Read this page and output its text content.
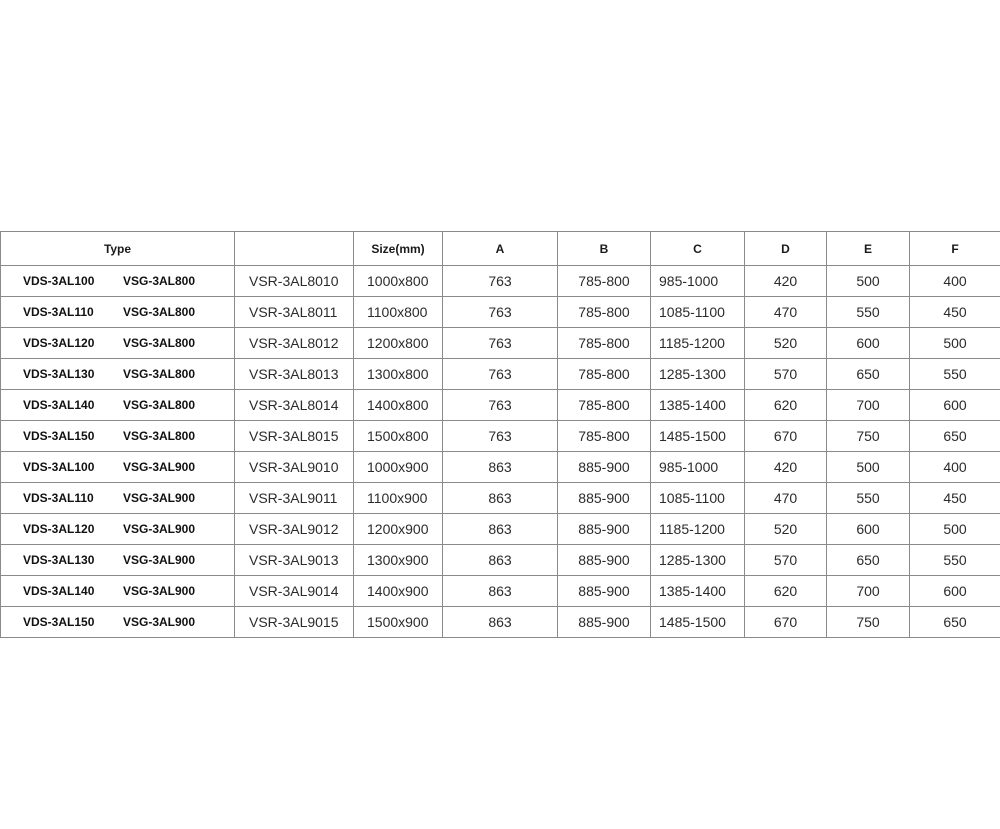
Type		Size(mm)	A	B	C	D	E	F
VDS-3AL100 VSG-3AL800	VSR-3AL8010	1000x800	763	785-800	985-1000	420	500	400
VDS-3AL110 VSG-3AL800	VSR-3AL8011	1100x800	763	785-800	1085-1100	470	550	450
VDS-3AL120 VSG-3AL800	VSR-3AL8012	1200x800	763	785-800	1185-1200	520	600	500
VDS-3AL130 VSG-3AL800	VSR-3AL8013	1300x800	763	785-800	1285-1300	570	650	550
VDS-3AL140 VSG-3AL800	VSR-3AL8014	1400x800	763	785-800	1385-1400	620	700	600
VDS-3AL150 VSG-3AL800	VSR-3AL8015	1500x800	763	785-800	1485-1500	670	750	650
VDS-3AL100 VSG-3AL900	VSR-3AL9010	1000x900	863	885-900	985-1000	420	500	400
VDS-3AL110 VSG-3AL900	VSR-3AL9011	1100x900	863	885-900	1085-1100	470	550	450
VDS-3AL120 VSG-3AL900	VSR-3AL9012	1200x900	863	885-900	1185-1200	520	600	500
VDS-3AL130 VSG-3AL900	VSR-3AL9013	1300x900	863	885-900	1285-1300	570	650	550
VDS-3AL140 VSG-3AL900	VSR-3AL9014	1400x900	863	885-900	1385-1400	620	700	600
VDS-3AL150 VSG-3AL900	VSR-3AL9015	1500x900	863	885-900	1485-1500	670	750	650
